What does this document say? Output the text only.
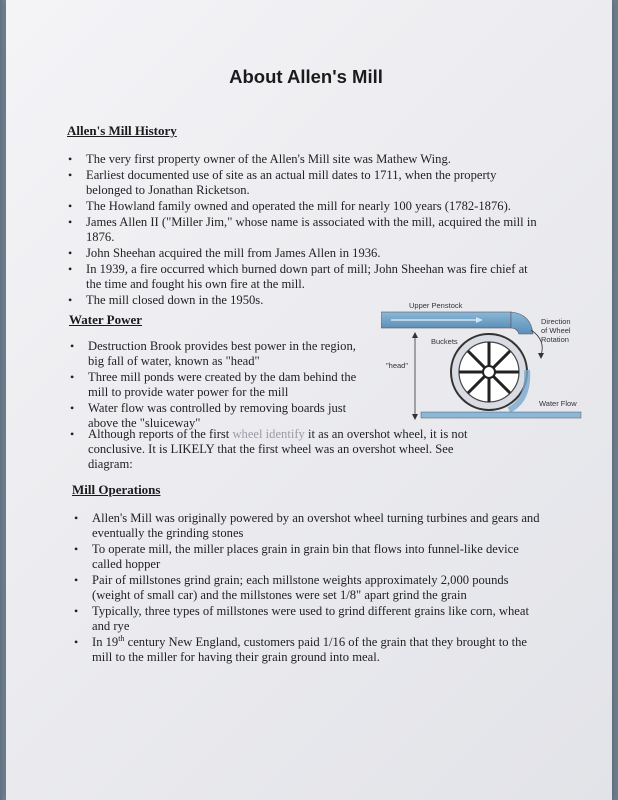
About Allen's Mill
Allen's Mill History
• The very first property owner of the Allen's Mill site was Mathew Wing.
• Earliest documented use of site as an actual mill dates to 1711, when the property belonged to Jonathan Ricketson.
• The Howland family owned and operated the mill for nearly 100 years (1782-1876).
• James Allen II ("Miller Jim," whose name is associated with the mill, acquired the mill in 1876.
• John Sheehan acquired the mill from James Allen in 1936.
• In 1939, a fire occurred which burned down part of mill; John Sheehan was fire chief at the time and fought his own fire at the mill.
• The mill closed down in the 1950s.
Water Power
• Destruction Brook provides best power in the region, big fall of water, known as "head"
• Three mill ponds were created by the dam behind the mill to provide water power for the mill
• Water flow was controlled by removing boards just above the "sluiceway"
• Although reports of the first wheel identify it as an overshot wheel, it is not conclusive. It is LIKELY that the first wheel was an overshot wheel. See diagram:
Upper Penstock
Buckets
"head"
Direction
of Wheel
Rotation
Water Flow
Mill Operations
• Allen's Mill was originally powered by an overshot wheel turning turbines and gears and eventually the grinding stones
• To operate mill, the miller places grain in grain bin that flows into funnel-like device called hopper
• Pair of millstones grind grain; each millstone weights approximately 2,000 pounds (weight of small car) and the millstones were set 1/8" apart grind the grain
• Typically, three types of millstones were used to grind different grains like corn, wheat and rye
• In 19th century New England, customers paid 1/16 of the grain that they brought to the mill to the miller for having their grain ground into meal.
